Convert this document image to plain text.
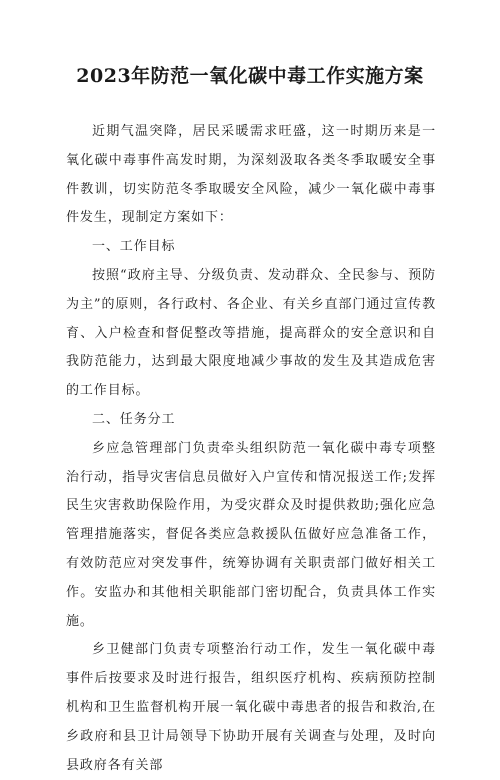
2023年防范一氧化碳中毒工作实施方案

近期气温突降，居民采暖需求旺盛，这一时期历来是一氧化碳中毒事件高发时期，为深刻汲取各类冬季取暖安全事件教训，切实防范冬季取暖安全风险，减少一氧化碳中毒事件发生，现制定方案如下：

一、工作目标

按照“政府主导、分级负责、发动群众、全民参与、预防为主”的原则，各行政村、各企业、有关乡直部门通过宣传教育、入户检查和督促整改等措施，提高群众的安全意识和自我防范能力，达到最大限度地减少事故的发生及其造成危害的工作目标。

二、任务分工

乡应急管理部门负责牵头组织防范一氧化碳中毒专项整治行动，指导灾害信息员做好入户宣传和情况报送工作;发挥民生灾害救助保险作用，为受灾群众及时提供救助;强化应急管理措施落实，督促各类应急救援队伍做好应急准备工作，有效防范应对突发事件，统筹协调有关职责部门做好相关工作。安监办和其他相关职能部门密切配合，负责具体工作实施。

乡卫健部门负责专项整治行动工作，发生一氧化碳中毒事件后按要求及时进行报告，组织医疗机构、疾病预防控制机构和卫生监督机构开展一氧化碳中毒患者的报告和救治,在乡政府和县卫计局领导下协助开展有关调查与处理，及时向县政府各有关部
